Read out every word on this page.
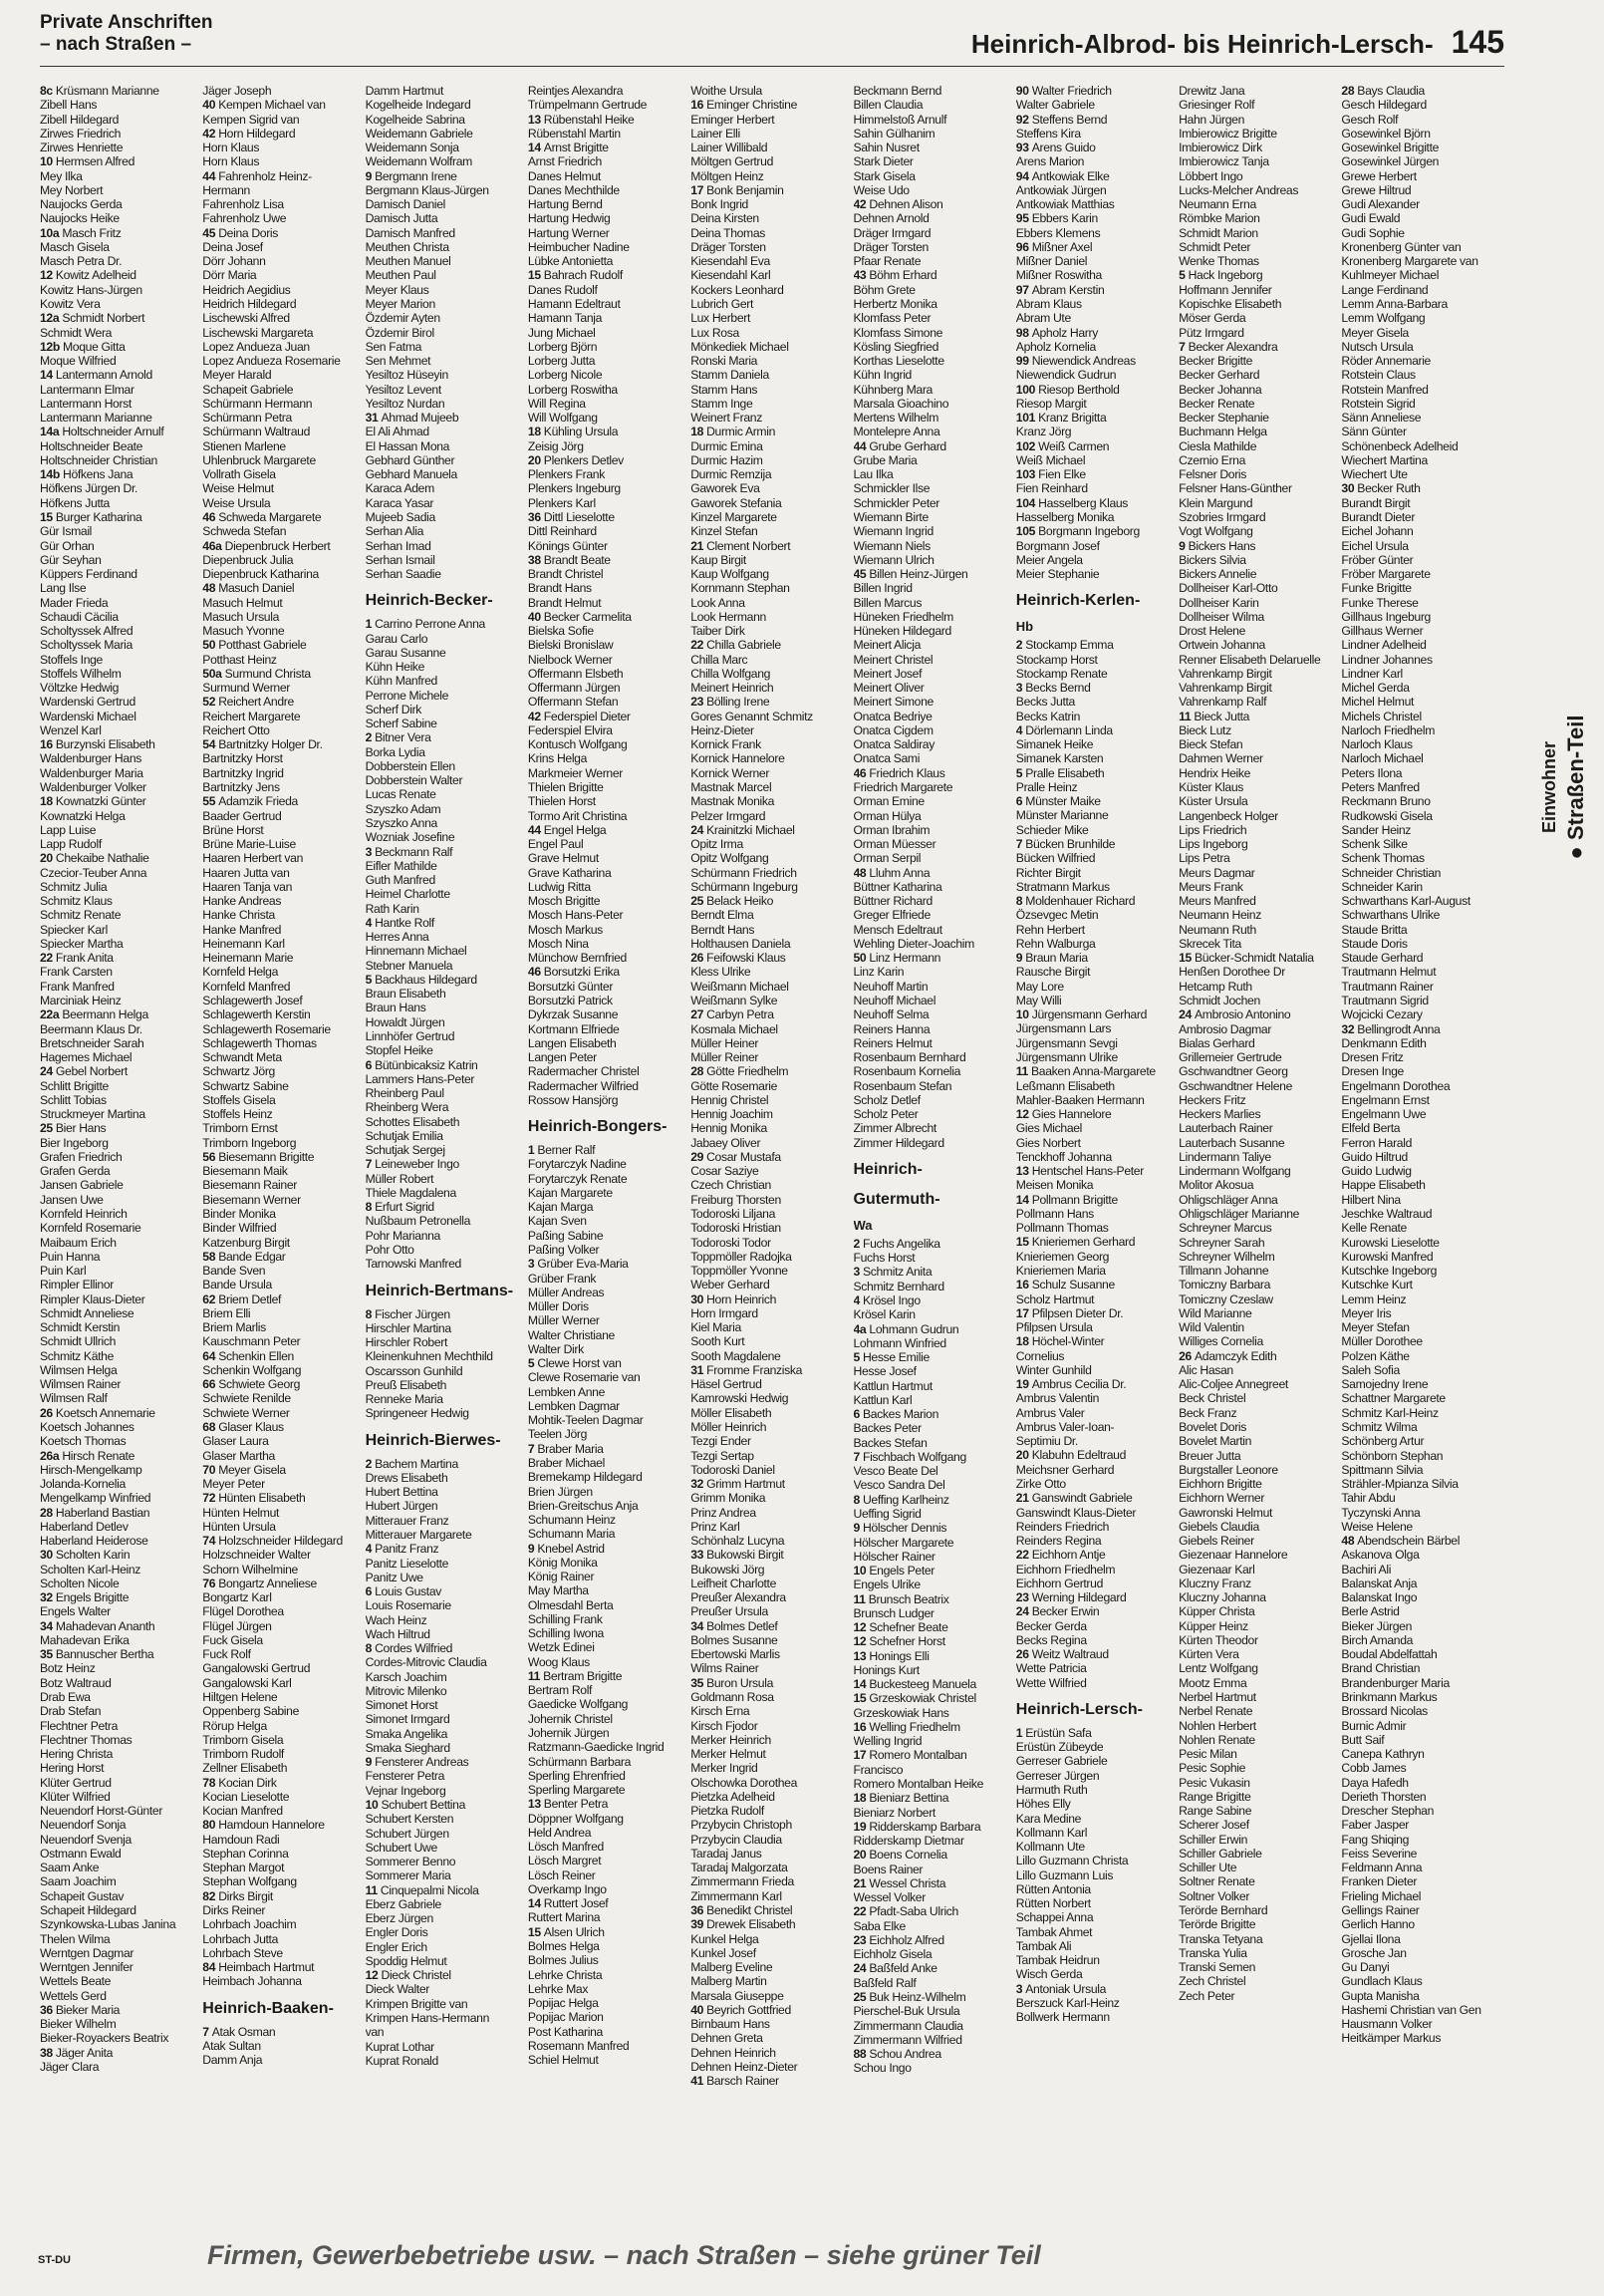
Private Anschriften
– nach Straßen –	Heinrich-Albrod- bis Heinrich-Lersch- 145
8c Krüsmann Marianne
Zibell Hans
Zibell Hildegard
Zirwes Friedrich
Zirwes Henriette
10 Hermsen Alfred
Mey Ilka
Mey Norbert
Naujocks Gerda
Naujocks Heike
10a Masch Fritz
Masch Gisela
Masch Petra Dr.
12 Kowitz Adelheid
Kowitz Hans-Jürgen
Kowitz Vera
12a Schmidt Norbert
Schmidt Wera
12b Moque Gitta
Moque Wilfried
14 Lantermann Arnold
Lantermann Elmar
Lantermann Horst
Lantermann Marianne
14a Holtschneider Arnulf
Holtschneider Beate
Holtschneider Christian
14b Höfkens Jana
Höfkens Jürgen Dr.
Höfkens Jutta
15 Burger Katharina
Gür Ismail
Gür Orhan
Gür Seyhan
Küppers Ferdinand
Lang Ilse
Mader Frieda
Schaudi Cäcilia
Scholtyssek Alfred
Scholtyssek Maria
Stoffels Inge
Stoffels Wilhelm
Völtzke Hedwig
Wardenski Gertrud
Wardenski Michael
Wenzel Karl
16 Burzynski Elisabeth
Waldenburger Hans
Waldenburger Maria
Waldenburger Volker
18 Kownatzki Günter
Kownatzki Helga
Lapp Luise
Lapp Rudolf
20 Chekaibe Nathalie
Czecior-Teuber Anna
Schmitz Julia
Schmitz Klaus
Schmitz Renate
Spiecker Karl
Spiecker Martha
22 Frank Anita
Frank Carsten
Frank Manfred
Marciniak Heinz
22a Beermann Helga
Beermann Klaus Dr.
Bretschneider Sarah
Hagemes Michael
24 Gebel Norbert
Schlitt Brigitte
Schlitt Tobias
Struckmeyer Martina
25 Bier Hans
Bier Ingeborg
Grafen Friedrich
Grafen Gerda
Jansen Gabriele
Jansen Uwe
Kornfeld Heinrich
Kornfeld Rosemarie
Maibaum Erich
Puin Hanna
Puin Karl
Rimpler Ellinor
Rimpler Klaus-Dieter
Schmidt Anneliese
Schmidt Kerstin
Schmidt Ullrich
Schmitz Käthe
Wilmsen Helga
Wilmsen Rainer
Wilmsen Ralf
26 Koetsch Annemarie
Koetsch Johannes
Koetsch Thomas
26a Hirsch Renate
Hirsch-Mengelkamp
Jolanda-Kornelia
Mengelkamp Winfried
28 Haberland Bastian
Haberland Detlev
Haberland Heiderose
30 Scholten Karin
Scholten Karl-Heinz
Scholten Nicole
32 Engels Brigitte
Engels Walter
34 Mahadevan Ananth
Mahadevan Erika
35 Bannuscher Bertha
Botz Heinz
Botz Waltraud
Drab Ewa
Drab Stefan
Flechtner Petra
Flechtner Thomas
Hering Christa
Hering Horst
Klüter Gertrud
Klüter Wilfried
Neuendorf Horst-Günter
Neuendorf Sonja
Neuendorf Svenja
Ostmann Ewald
Saam Anke
Saam Joachim
Schapeit Gustav
Schapeit Hildegard
Szynkowska-Lubas Janina
Thelen Wilma
Werntgen Dagmar
Werntgen Jennifer
Wettels Beate
Wettels Gerd
36 Bieker Maria
Bieker Wilhelm
Bieker-Royackers Beatrix
38 Jäger Anita
Jäger Clara
Jäger Joseph
40 Kempen Michael van
Kempen Sigrid van
42 Horn Hildegard
Horn Klaus
Horn Klaus
44 Fahrenholz Heinz-
Hermann
Fahrenholz Lisa
Fahrenholz Uwe
45 Deina Doris
Deina Josef
Dörr Johann
Dörr Maria
Heidrich Aegidius
Heidrich Hildegard
Lischewski Alfred
Lischewski Margareta
Lopez Andueza Juan
Lopez Andueza Rosemarie
Meyer Harald
Schapeit Gabriele
Schürmann Hermann
Schürmann Petra
Schürmann Waltraud
Stienen Marlene
Uhlenbruck Margarete
Vollrath Gisela
Weise Helmut
Weise Ursula
46 Schweda Margarete
Schweda Stefan
46a Diepenbruck Herbert
Diepenbruck Julia
Diepenbruck Katharina
48 Masuch Daniel
Masuch Helmut
Masuch Ursula
Masuch Yvonne
50 Potthast Gabriele
Potthast Heinz
50a Surmund Christa
Surmund Werner
52 Reichert Andre
Reichert Margarete
Reichert Otto
54 Bartnitzky Holger Dr.
Bartnitzky Horst
Bartnitzky Ingrid
Bartnitzky Jens
55 Adamzik Frieda
Baader Gertrud
Brüne Horst
Brüne Marie-Luise
Haaren Herbert van
Haaren Jutta van
Haaren Tanja van
Hanke Andreas
Hanke Christa
Hanke Manfred
Heinemann Karl
Heinemann Marie
Kornfeld Helga
Kornfeld Manfred
Schlagewerth Josef
Schlagewerth Kerstin
Schlagewerth Rosemarie
Schlagewerth Thomas
Schwandt Meta
Schwartz Jörg
Schwartz Sabine
Stoffels Gisela
Stoffels Heinz
Trimborn Ernst
Trimborn Ingeborg
56 Biesemann Brigitte
Biesemann Maik
Biesemann Rainer
Biesemann Werner
Binder Monika
Binder Wilfried
Katzenburg Birgit
58 Bande Edgar
Bande Sven
Bande Ursula
62 Briem Detlef
Briem Elli
Briem Marlis
Kauschmann Peter
64 Schenkin Ellen
Schenkin Wolfgang
66 Schwiete Georg
Schwiete Renilde
Schwiete Werner
68 Glaser Klaus
Glaser Laura
Glaser Martha
70 Meyer Gisela
Meyer Peter
72 Hünten Elisabeth
Hünten Helmut
Hünten Ursula
74 Holzschneider Hildegard
Holzschneider Walter
Schorn Wilhelmine
76 Bongartz Anneliese
Bongartz Karl
Flügel Dorothea
Flügel Jürgen
Fuck Gisela
Fuck Rolf
Gangalowski Gertrud
Gangalowski Karl
Hiltgen Helene
Oppenberg Sabine
Rörup Helga
Trimborn Gisela
Trimborn Rudolf
Zellner Elisabeth
78 Kocian Dirk
Kocian Lieselotte
Kocian Manfred
80 Hamdoun Hannelore
Hamdoun Radi
Stephan Corinna
Stephan Margot
Stephan Wolfgang
82 Dirks Birgit
Dirks Reiner
Lohrbach Joachim
Lohrbach Jutta
Lohrbach Steve
84 Heimbach Hartmut
Heimbach Johanna
Heinrich-Baaken-
7 Atak Osman
Atak Sultan
Damm Anja
Damm Hartmut
Kogelheide Indegard
Kogelheide Sabrina
Weidemann Gabriele
Weidemann Sonja
Weidemann Wolfram
9 Bergmann Irene
Bergmann Klaus-Jürgen
Damisch Daniel
Damisch Jutta
Damisch Manfred
Meuthen Christa
Meuthen Manuel
Meuthen Paul
Meyer Klaus
Meyer Marion
Özdemir Ayten
Özdemir Birol
Sen Fatma
Sen Mehmet
Yesiltoz Hüseyin
Yesiltoz Levent
Yesiltoz Nurdan
31 Ahmad Mujeeb
El Ali Ahmad
El Hassan Mona
Gebhard Günther
Gebhard Manuela
Karaca Adem
Karaca Yasar
Mujeeb Sadia
Serhan Alia
Serhan Imad
Serhan Ismail
Serhan Saadie
Heinrich-Becker-
1 Carrino Perrone Anna
Garau Carlo
Garau Susanne
Kühn Heike
Kühn Manfred
Perrone Michele
Scherf Dirk
Scherf Sabine
2 Bitner Vera
Borka Lydia
Dobberstein Ellen
Dobberstein Walter
Lucas Renate
Szyszko Adam
Szyszko Anna
Wozniak Josefine
3 Beckmann Ralf
Eifler Mathilde
Guth Manfred
Heimel Charlotte
Rath Karin
4 Hantke Rolf
Herres Anna
Hinnemann Michael
Stebner Manuela
5 Backhaus Hildegard
Braun Elisabeth
Braun Hans
Howaldt Jürgen
Linnhöfer Gertrud
Stopfel Heike
6 Bütünbicaksiz Katrin
Lammers Hans-Peter
Rheinberg Paul
Rheinberg Wera
Schottes Elisabeth
Schutjak Emilia
Schutjak Sergej
7 Leineweber Ingo
Müller Robert
Thiele Magdalena
8 Erfurt Sigrid
Nußbaum Petronella
Pohr Marianna
Pohr Otto
Tarnowski Manfred
Heinrich-Bertmans-
8 Fischer Jürgen
Hirschler Martina
Hirschler Robert
Kleinenkuhnen Mechthild
Oscarsson Gunhild
Preuß Elisabeth
Renneke Maria
Springeneer Hedwig
Heinrich-Bierwes-
2 Bachem Martina
Drews Elisabeth
Hubert Bettina
Hubert Jürgen
Mitterauer Franz
Mitterauer Margarete
4 Panitz Franz
Panitz Lieselotte
Panitz Uwe
6 Louis Gustav
Louis Rosemarie
Wach Heinz
Wach Hiltrud
8 Cordes Wilfried
Cordes-Mitrovic Claudia
Karsch Joachim
Mitrovic Milenko
Simonet Horst
Simonet Irmgard
Smaka Angelika
Smaka Sieghard
9 Fensterer Andreas
Fensterer Petra
Vejnar Ingeborg
10 Schubert Bettina
Schubert Kersten
Schubert Jürgen
Schubert Uwe
Sommerer Benno
Sommerer Maria
11 Cinquepalmi Nicola
Eberz Gabriele
Eberz Jürgen
Engler Doris
Engler Erich
Spoddig Helmut
12 Dieck Christel
Dieck Walter
Krimpen Brigitte van
Krimpen Hans-Hermann
van
Kuprat Lothar
Kuprat Ronald
Reintjes Alexandra
Trümpelmann Gertrude
13 Rübenstahl Heike
Rübenstahl Martin
14 Arnst Brigitte
Arnst Friedrich
Danes Helmut
Danes Mechthilde
Hartung Bernd
Hartung Hedwig
Hartung Werner
Heimbucher Nadine
Lübke Antonietta
15 Bahrach Rudolf
Danes Rudolf
Hamann Edeltraut
Hamann Tanja
Jung Michael
Lorberg Björn
Lorberg Jutta
Lorberg Nicole
Lorberg Roswitha
Will Regina
Will Wolfgang
18 Kühling Ursula
Zeisig Jörg
20 Plenkers Detlev
Plenkers Frank
Plenkers Ingeburg
Plenkers Karl
36 Dittl Lieselotte
Dittl Reinhard
Könings Günter
38 Brandt Beate
Brandt Christel
Brandt Hans
Brandt Helmut
40 Becker Carmelita
Bielska Sofie
Bielski Bronislaw
Nielbock Werner
Offermann Elsbeth
Offermann Jürgen
Offermann Stefan
42 Federspiel Dieter
Federspiel Elvira
Kontusch Wolfgang
Krins Helga
Markmeier Werner
Thielen Brigitte
Thielen Horst
Tormo Arit Christina
44 Engel Helga
Engel Paul
Grave Helmut
Grave Katharina
Ludwig Ritta
Mosch Brigitte
Mosch Hans-Peter
Mosch Markus
Mosch Nina
Münchow Bernfried
46 Borsutzki Erika
Borsutzki Günter
Borsutzki Patrick
Dykrzak Susanne
Kortmann Elfriede
Langen Elisabeth
Langen Peter
Radermacher Christel
Radermacher Wilfried
Rossow Hansjörg
Heinrich-Bongers-
1 Berner Ralf
Forytarczyk Nadine
Forytarczyk Renate
Kajan Margarete
Kajan Marga
Kajan Sven
Paßing Sabine
Paßing Volker
3 Grüber Eva-Maria
Grüber Frank
Müller Andreas
Müller Doris
Müller Werner
Walter Christiane
Walter Dirk
5 Clewe Horst van
Clewe Rosemarie van
Lembken Anne
Lembken Dagmar
Mohtik-Teelen Dagmar
Teelen Jörg
7 Braber Maria
Braber Michael
Bremekamp Hildegard
Brien Jürgen
Brien-Greitschus Anja
Schumann Heinz
Schumann Maria
9 Knebel Astrid
König Monika
König Rainer
May Martha
Olmesdahl Berta
Schilling Frank
Schilling Iwona
Wetzk Edinei
Woog Klaus
11 Bertram Brigitte
Bertram Rolf
Gaedicke Wolfgang
Johernik Christel
Johernik Jürgen
Ratzmann-Gaedicke Ingrid
Schürmann Barbara
Sperling Ehrenfried
Sperling Margarete
13 Benter Petra
Döppner Wolfgang
Held Andrea
Lösch Manfred
Lösch Margret
Lösch Reiner
Overkamp Ingo
14 Ruttert Josef
Ruttert Marina
15 Alsen Ulrich
Bolmes Helga
Bolmes Julius
Lehrke Christa
Lehrke Max
Popijac Helga
Popijac Marion
Post Katharina
Rosemann Manfred
Schiel Helmut
Woithe Ursula
16 Eminger Christine
Eminger Herbert
Lainer Elli
Lainer Willibald
Möltgen Gertrud
Möltgen Heinz
17 Bonk Benjamin
Bonk Ingrid
Deina Kirsten
Deina Thomas
Dräger Torsten
Kiesendahl Eva
Kiesendahl Karl
Kockers Leonhard
Lubrich Gert
Lux Herbert
Lux Rosa
Mönkediek Michael
Ronski Maria
Stamm Daniela
Stamm Hans
Stamm Inge
Weinert Franz
18 Durmic Armin
Durmic Emina
Durmic Hazim
Durmic Remzija
Gaworek Eva
Gaworek Stefania
Kinzel Margarete
Kinzel Stefan
21 Clement Norbert
Kaup Birgit
Kaup Wolfgang
Kornmann Stephan
Look Anna
Look Hermann
Taiber Dirk
22 Chilla Gabriele
Chilla Marc
Chilla Wolfgang
Meinert Heinrich
23 Bölling Irene
Gores Genannt Schmitz
Heinz-Dieter
Kornick Frank
Kornick Hannelore
Kornick Werner
Mastnak Marcel
Mastnak Monika
Pelzer Irmgard
24 Krainitzki Michael
Opitz Irma
Opitz Wolfgang
Schürmann Friedrich
Schürmann Ingeburg
25 Belack Heiko
Berndt Elma
Berndt Hans
Holthausen Daniela
26 Feifowski Klaus
Kless Ulrike
Weißmann Michael
Weißmann Sylke
27 Carbyn Petra
Kosmala Michael
Müller Heiner
Müller Reiner
28 Götte Friedhelm
Götte Rosemarie
Hennig Christel
Hennig Joachim
Hennig Monika
Jabaey Oliver
29 Cosar Mustafa
Cosar Saziye
Czech Christian
Freiburg Thorsten
Todoroski Liljana
Todoroski Hristian
Todoroski Todor
Toppmöller Radojka
Toppmöller Yvonne
Weber Gerhard
30 Horn Heinrich
Horn Irmgard
Kiel Maria
Sooth Kurt
Sooth Magdalene
31 Fromme Franziska
Häsel Gertrud
Kamrowski Hedwig
Möller Elisabeth
Möller Heinrich
Tezgi Ender
Tezgi Sertap
Todoroski Daniel
32 Grimm Hartmut
Grimm Monika
Prinz Andrea
Prinz Karl
Schönhalz Lucyna
33 Bukowski Birgit
Bukowski Jörg
Leifheit Charlotte
Preußer Alexandra
Preußer Ursula
34 Bolmes Detlef
Bolmes Susanne
Ebertowski Marlis
Wilms Rainer
35 Buron Ursula
Goldmann Rosa
Kirsch Erna
Kirsch Fjodor
Merker Heinrich
Merker Helmut
Merker Ingrid
Olschowka Dorothea
Pietzka Adelheid
Pietzka Rudolf
Przybycin Christoph
Przybycin Claudia
Taradaj Janus
Taradaj Malgorzata
Zimmermann Frieda
Zimmermann Karl
36 Benedikt Christel
39 Drewek Elisabeth
Kunkel Helga
Kunkel Josef
Malberg Eveline
Malberg Martin
Marsala Giuseppe
40 Beyrich Gottfried
Birnbaum Hans
Dehnen Greta
Dehnen Heinrich
Dehnen Heinz-Dieter
41 Barsch Rainer
Beckmann Bernd
Billen Claudia
Himmelstoß Arnulf
Sahin Gülhanim
Sahin Nusret
Stark Dieter
Stark Gisela
Weise Udo
42 Dehnen Alison
Dehnen Arnold
Dräger Irmgard
Dräger Torsten
Pfaar Renate
43 Böhm Erhard
Böhm Grete
Herbertz Monika
Klomfass Peter
Klomfass Simone
Kösling Siegfried
Korthas Lieselotte
Kühn Ingrid
Kühnberg Mara
Marsala Gioachino
Mertens Wilhelm
Montelepre Anna
44 Grube Gerhard
Grube Maria
Lau Ilka
Schmickler Ilse
Schmickler Peter
Wiemann Birte
Wiemann Ingrid
Wiemann Niels
Wiemann Ulrich
45 Billen Heinz-Jürgen
Billen Ingrid
Billen Marcus
Hüneken Friedhelm
Hüneken Hildegard
Meinert Alicja
Meinert Christel
Meinert Josef
Meinert Oliver
Meinert Simone
Onatca Bedriye
Onatca Cigdem
Onatca Saldiray
Onatca Sami
46 Friedrich Klaus
Friedrich Margarete
Orman Emine
Orman Hülya
Orman Ibrahim
Orman Müesser
Orman Serpil
48 Lluhm Anna
Büttner Katharina
Büttner Richard
Greger Elfriede
Mensch Edeltraut
Wehling Dieter-Joachim
50 Linz Hermann
Linz Karin
Neuhoff Martin
Neuhoff Michael
Neuhoff Selma
Reiners Hanna
Reiners Helmut
Rosenbaum Bernhard
Rosenbaum Kornelia
Rosenbaum Stefan
Scholz Detlef
Scholz Peter
Zimmer Albrecht
Zimmer Hildegard
Heinrich-
Gutermuth-
Wa
2 Fuchs Angelika
Fuchs Horst
3 Schmitz Anita
Schmitz Bernhard
4 Krösel Ingo
Krösel Karin
4a Lohmann Gudrun
Lohmann Winfried
5 Hesse Emilie
Hesse Josef
Kattlun Hartmut
Kattlun Karl
6 Backes Marion
Backes Peter
Backes Stefan
7 Fischbach Wolfgang
Vesco Beate Del
Vesco Sandra Del
8 Ueffing Karlheinz
Ueffing Sigrid
9 Hölscher Dennis
Hölscher Margarete
Hölscher Rainer
10 Engels Peter
Engels Ulrike
11 Brunsch Beatrix
Brunsch Ludger
12 Schefner Beate
12 Schefner Horst
13 Honings Elli
Honings Kurt
14 Buckesteeg Manuela
15 Grzeskowiak Christel
Grzeskowiak Hans
16 Welling Friedhelm
Welling Ingrid
17 Romero Montalban
Francisco
Romero Montalban Heike
18 Bieniarz Bettina
Bieniarz Norbert
19 Ridderskamp Barbara
Ridderskamp Dietmar
20 Boens Cornelia
Boens Rainer
21 Wessel Christa
Wessel Volker
22 Pfadt-Saba Ulrich
Saba Elke
23 Eichholz Alfred
Eichholz Gisela
24 Baßfeld Anke
Baßfeld Ralf
25 Buk Heinz-Wilhelm
Pierschel-Buk Ursula
Zimmermann Claudia
Zimmermann Wilfried
88 Schou Andrea
Schou Ingo
90 Walter Friedrich
Walter Gabriele
92 Steffens Bernd
Steffens Kira
93 Arens Guido
Arens Marion
94 Antkowiak Elke
Antkowiak Jürgen
Antkowiak Matthias
95 Ebbers Karin
Ebbers Klemens
96 Mißner Axel
Mißner Daniel
Mißner Roswitha
97 Abram Kerstin
Abram Klaus
Abram Ute
98 Apholz Harry
Apholz Kornelia
99 Niewendick Andreas
Niewendick Gudrun
100 Riesop Berthold
Riesop Margit
101 Kranz Brigitta
Kranz Jörg
102 Weiß Carmen
Weiß Michael
103 Fien Elke
Fien Reinhard
104 Hasselberg Klaus
Hasselberg Monika
105 Borgmann Ingeborg
Borgmann Josef
Meier Angela
Meier Stephanie
Heinrich-Kerlen-
Hb
2 Stockamp Emma
Stockamp Horst
Stockamp Renate
3 Becks Bernd
Becks Jutta
Becks Katrin
4 Dörlemann Linda
Simanek Heike
Simanek Karsten
5 Pralle Elisabeth
Pralle Heinz
6 Münster Maike
Münster Marianne
Schieder Mike
7 Bücken Brunhilde
Bücken Wilfried
Richter Birgit
Stratmann Markus
8 Moldenhauer Richard
Özsevgec Metin
Rehn Herbert
Rehn Walburga
9 Braun Maria
Rausche Birgit
May Lore
May Willi
10 Jürgensmann Gerhard
Jürgensmann Lars
Jürgensmann Sevgi
Jürgensmann Ulrike
11 Baaken Anna-Margarete
Leßmann Elisabeth
Mahler-Baaken Hermann
12 Gies Hannelore
Gies Michael
Gies Norbert
Tenckhoff Johanna
13 Hentschel Hans-Peter
Meisen Monika
14 Pollmann Brigitte
Pollmann Hans
Pollmann Thomas
15 Knieriemen Gerhard
Knieriemen Georg
Knieriemen Maria
16 Schulz Susanne
Scholz Hartmut
17 Pfilpsen Dieter Dr.
Pfilpsen Ursula
18 Höchel-Winter
Cornelius
Winter Gunhild
19 Ambrus Cecilia Dr.
Ambrus Valentin
Ambrus Valer
Ambrus Valer-Ioan-
Septimiu Dr.
20 Klabuhn Edeltraud
Meichsner Gerhard
Zirke Otto
21 Ganswindt Gabriele
Ganswindt Klaus-Dieter
Reinders Friedrich
Reinders Regina
22 Eichhorn Antje
Eichhorn Friedhelm
Eichhorn Gertrud
23 Werning Hildegard
24 Becker Erwin
Becker Gerda
Becks Regina
26 Weitz Waltraud
Wette Patricia
Wette Wilfried
Heinrich-Lersch-
1 Erüstün Safa
Erüstün Zübeyde
Gerreser Gabriele
Gerreser Jürgen
Harmuth Ruth
Höhes Elly
Kara Medine
Kollmann Karl
Kollmann Ute
Lillo Guzmann Christa
Lillo Guzmann Luis
Rütten Antonia
Rütten Norbert
Schappei Anna
Tambak Ahmet
Tambak Ali
Tambak Heidrun
Wisch Gerda
3 Antoniak Ursula
Berszuck Karl-Heinz
Bollwerk Hermann
Drewitz Jana
Griesinger Rolf
Hahn Jürgen
Imbierowicz Brigitte
Imbierowicz Dirk
Imbierowicz Tanja
Löbbert Ingo
Lucks-Melcher Andreas
Neumann Erna
Römbke Marion
Schmidt Marion
Schmidt Peter
Wenke Thomas
5 Hack Ingeborg
Hoffmann Jennifer
Kopischke Elisabeth
Möser Gerda
Pütz Irmgard
7 Becker Alexandra
Becker Brigitte
Becker Gerhard
Becker Johanna
Becker Renate
Becker Stephanie
Buchmann Helga
Ciesla Mathilde
Czernio Erna
Felsner Doris
Felsner Hans-Günther
Klein Margund
Szobries Irmgard
Vogt Wolfgang
9 Bickers Hans
Bickers Silvia
Bickers Annelie
Dollheiser Karl-Otto
Dollheiser Karin
Dollheiser Wilma
Drost Helene
Ortwein Johanna
Renner Elisabeth Delaruelle
Vahrenkamp Birgit
Vahrenkamp Birgit
Vahrenkamp Ralf
11 Bieck Jutta
Bieck Lutz
Bieck Stefan
Dahmen Werner
Hendrix Heike
Küster Klaus
Küster Ursula
Langenbeck Holger
Lips Friedrich
Lips Ingeborg
Lips Petra
Meurs Dagmar
Meurs Frank
Meurs Manfred
Neumann Heinz
Neumann Ruth
Skrecek Tita
15 Bücker-Schmidt Natalia
Henßen Dorothee Dr
Hetcamp Ruth
Schmidt Jochen
24 Ambrosio Antonino
Ambrosio Dagmar
Bialas Gerhard
Grillemeier Gertrude
Gschwandtner Georg
Gschwandtner Helene
Heckers Fritz
Heckers Marlies
Lauterbach Rainer
Lauterbach Susanne
Lindermann Taliye
Lindermann Wolfgang
Molitor Akosua
Ohligschläger Anna
Ohligschläger Marianne
Schreyner Marcus
Schreyner Sarah
Schreyner Wilhelm
Tillmann Johanne
Tomiczny Barbara
Tomiczny Czeslaw
Wild Marianne
Wild Valentin
Williges Cornelia
26 Adamczyk Edith
Alic Hasan
Alic-Coljee Annegreet
Beck Christel
Beck Franz
Bovelet Doris
Bovelet Martin
Breuer Jutta
Burgstaller Leonore
Eichhorn Brigitte
Eichhorn Werner
Gawronski Helmut
Giebels Claudia
Giebels Reiner
Giezenaar Hannelore
Giezenaar Karl
Kluczny Franz
Kluczny Johanna
Küpper Christa
Küpper Heinz
Kürten Theodor
Kürten Vera
Lentz Wolfgang
Mootz Emma
Nerbel Hartmut
Nerbel Renate
Nohlen Herbert
Nohlen Renate
Pesic Milan
Pesic Sophie
Pesic Vukasin
Range Brigitte
Range Sabine
Scherer Josef
Schiller Erwin
Schiller Gabriele
Schiller Ute
Soltner Renate
Soltner Volker
Terörde Bernhard
Terörde Brigitte
Transka Tetyana
Transka Yulia
Transki Semen
Zech Christel
Zech Peter
28 Bays Claudia
Gesch Hildegard
Gesch Rolf
Gosewinkel Björn
Gosewinkel Brigitte
Gosewinkel Jürgen
Grewe Herbert
Grewe Hiltrud
Gudi Alexander
Gudi Ewald
Gudi Sophie
Kronenberg Günter van
Kronenberg Margarete van
Kuhlmeyer Michael
Lange Ferdinand
Lemm Anna-Barbara
Lemm Wolfgang
Meyer Gisela
Nutsch Ursula
Röder Annemarie
Rotstein Claus
Rotstein Manfred
Rotstein Sigrid
Sänn Anneliese
Sänn Günter
Schönenbeck Adelheid
Wiechert Martina
Wiechert Ute
30 Becker Ruth
Burandt Birgit
Burandt Dieter
Eichel Johann
Eichel Ursula
Fröber Günter
Fröber Margarete
Funke Brigitte
Funke Therese
Gillhaus Ingeburg
Gillhaus Werner
Lindner Adelheid
Lindner Johannes
Lindner Karl
Michel Gerda
Michel Helmut
Michels Christel
Narloch Friedhelm
Narloch Klaus
Narloch Michael
Peters Ilona
Peters Manfred
Reckmann Bruno
Rudkowski Gisela
Sander Heinz
Schenk Silke
Schenk Thomas
Schneider Christian
Schneider Karin
Schwarthans Karl-August
Schwarthans Ulrike
Staude Britta
Staude Doris
Staude Gerhard
Trautmann Helmut
Trautmann Rainer
Trautmann Sigrid
Wojcicki Cezary
32 Bellingrodt Anna
Denkmann Edith
Dresen Fritz
Dresen Inge
Engelmann Dorothea
Engelmann Ernst
Engelmann Uwe
Elfeld Berta
Ferron Harald
Guido Hiltrud
Guido Ludwig
Happe Elisabeth
Hilbert Nina
Jeschke Waltraud
Kelle Renate
Kurowski Lieselotte
Kurowski Manfred
Kutschke Ingeborg
Kutschke Kurt
Lemm Heinz
Meyer Iris
Meyer Stefan
Müller Dorothee
Polzen Käthe
Saleh Sofia
Samojedny Irene
Schattner Margarete
Schmitz Karl-Heinz
Schmitz Wilma
Schönberg Artur
Schönborn Stephan
Spittmann Silvia
Strähler-Mpianza Silvia
Tahir Abdu
Tyczynski Anna
Weise Helene
48 Abendschein Bärbel
Askanova Olga
Bachiri Ali
Balanskat Anja
Balanskat Ingo
Berle Astrid
Bieker Jürgen
Birch Amanda
Boudal Abdelfattah
Brand Christian
Brandenburger Maria
Brinkmann Markus
Brossard Nicolas
Burnic Admir
Butt Saif
Canepa Kathryn
Cobb James
Daya Hafedh
Derieth Thorsten
Drescher Stephan
Faber Jasper
Fang Shiqing
Feiss Severine
Feldmann Anna
Franken Dieter
Frieling Michael
Gellings Rainer
Gerlich Hanno
Gjellai Ilona
Grosche Jan
Gu Danyi
Gundlach Klaus
Gupta Manisha
Hashemi Christian van Gen
Hausmann Volker
Heitkämper Markus
Einwohner ● Straßen-Teil
ST-DU	Firmen, Gewerbebetriebe usw. – nach Straßen – siehe grüner Teil
